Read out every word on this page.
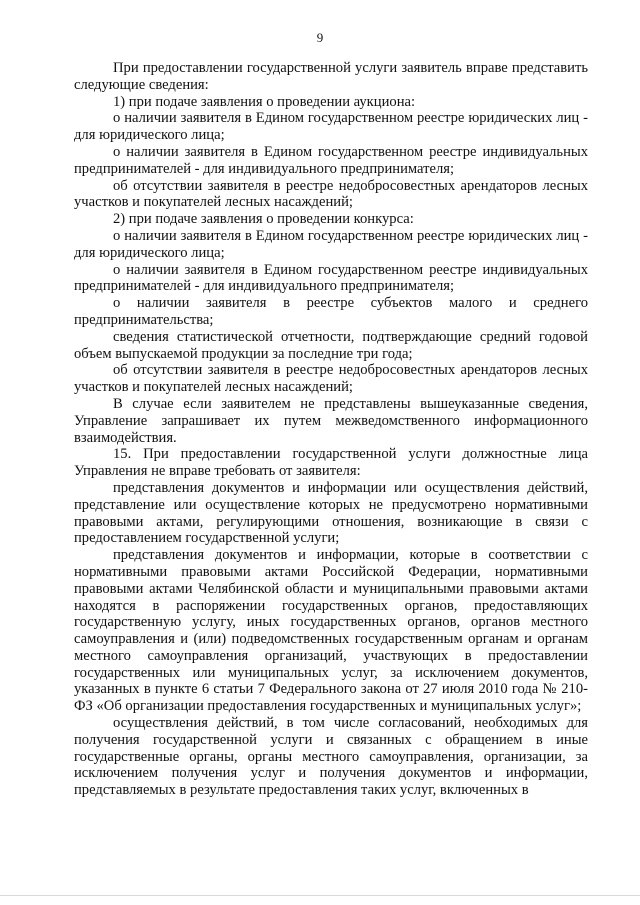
9

При предоставлении государственной услуги заявитель вправе представить следующие сведения:

1) при подаче заявления о проведении аукциона:

о наличии заявителя в Едином государственном реестре юридических лиц - для юридического лица;

о наличии заявителя в Едином государственном реестре индивидуальных предпринимателей - для индивидуального предпринимателя;

об отсутствии заявителя в реестре недобросовестных арендаторов лесных участков и покупателей лесных насаждений;

2) при подаче заявления о проведении конкурса:

о наличии заявителя в Едином государственном реестре юридических лиц - для юридического лица;

о наличии заявителя в Едином государственном реестре индивидуальных предпринимателей - для индивидуального предпринимателя;

о наличии заявителя в реестре субъектов малого и среднего предпринимательства;

сведения статистической отчетности, подтверждающие средний годовой объем выпускаемой продукции за последние три года;

об отсутствии заявителя в реестре недобросовестных арендаторов лесных участков и покупателей лесных насаждений;

В случае если заявителем не представлены вышеуказанные сведения, Управление запрашивает их путем межведомственного информационного взаимодействия.

15. При предоставлении государственной услуги должностные лица Управления не вправе требовать от заявителя:

представления документов и информации или осуществления действий, представление или осуществление которых не предусмотрено нормативными правовыми актами, регулирующими отношения, возникающие в связи с предоставлением государственной услуги;

представления документов и информации, которые в соответствии с нормативными правовыми актами Российской Федерации, нормативными правовыми актами Челябинской области и муниципальными правовыми актами находятся в распоряжении государственных органов, предоставляющих государственную услугу, иных государственных органов, органов местного самоуправления и (или) подведомственных государственным органам и органам местного самоуправления организаций, участвующих в предоставлении государственных или муниципальных услуг, за исключением документов, указанных в пункте 6 статьи 7 Федерального закона от 27 июля 2010 года № 210-ФЗ «Об организации предоставления государственных и муниципальных услуг»;

осуществления действий, в том числе согласований, необходимых для получения государственной услуги и связанных с обращением в иные государственные органы, органы местного самоуправления, организации, за исключением получения услуг и получения документов и информации, представляемых в результате предоставления таких услуг, включенных в
